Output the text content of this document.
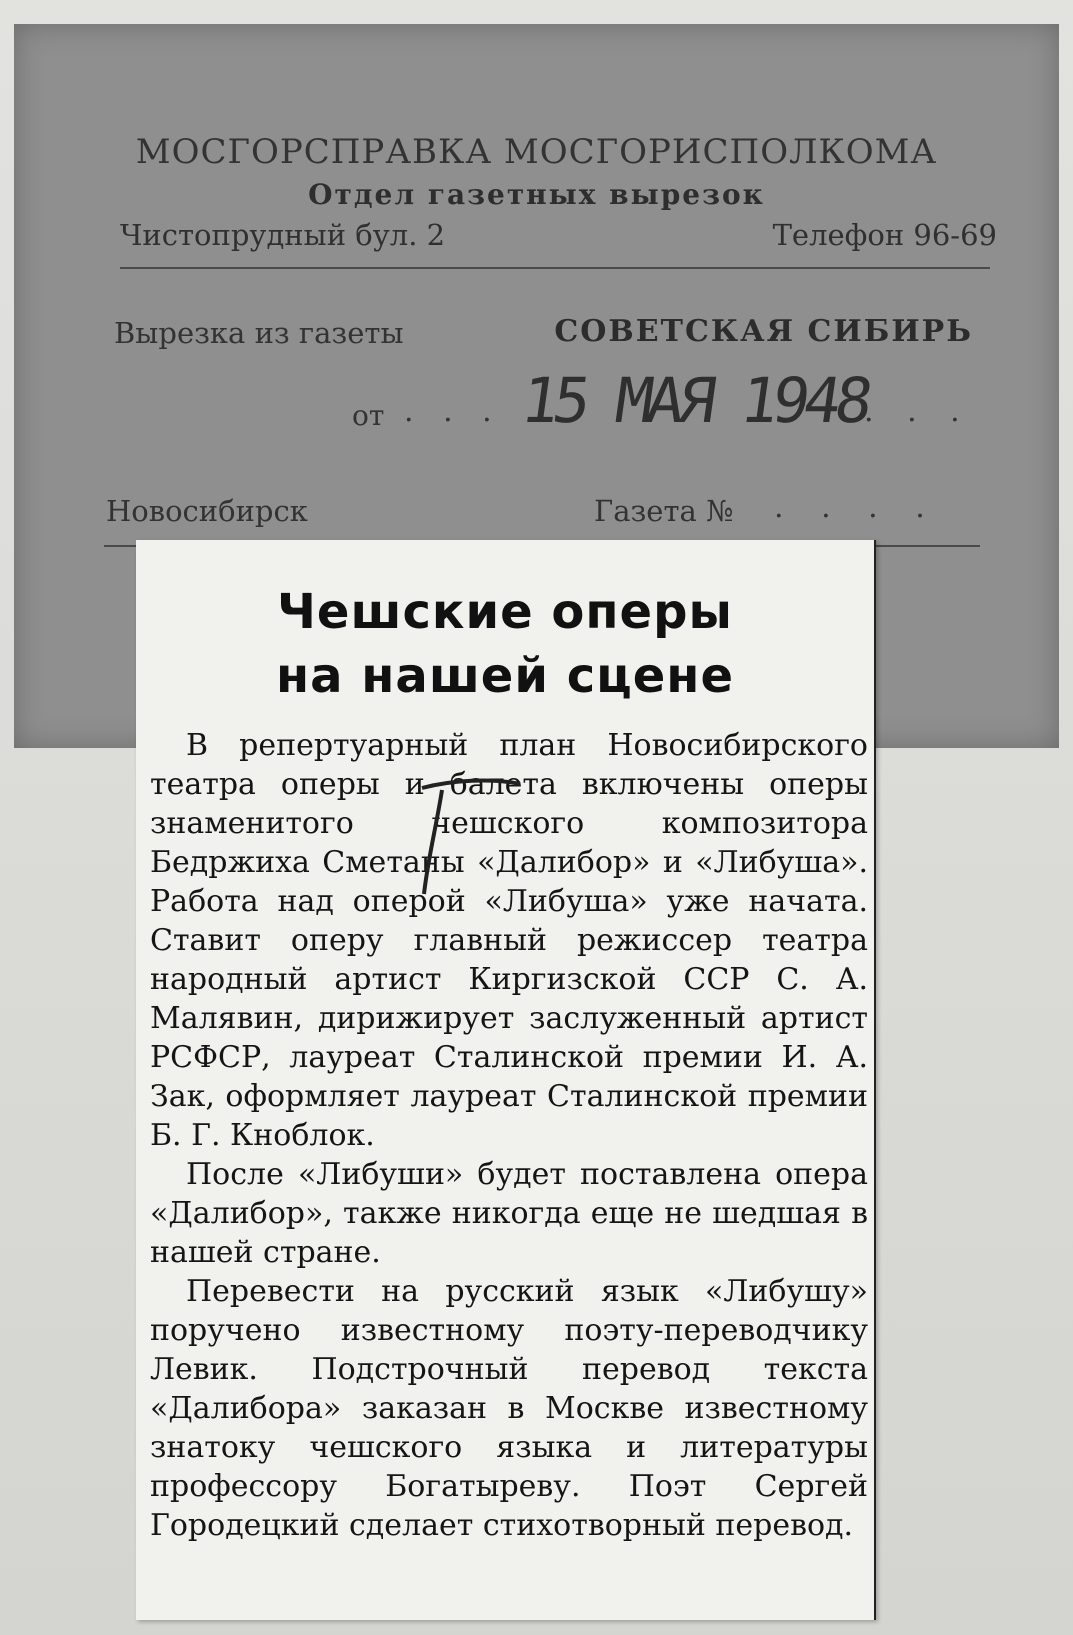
МОСГОРСПРАВКА МОСГОРИСПОЛКОМА
Отдел газетных вырезок
Чистопрудный бул. 2	Телефон 96-69
Вырезка из газеты	СОВЕТСКАЯ СИБИРЬ
от . . . 15 МАЯ 1948
. . .
Новосибирск	Газета № . . . .
Чешские оперы
на нашей сцене

В репертуарный план Новосибирского театра оперы и балета включены оперы знаменитого чешского композитора Бедржиха Сметаны «Далибор» и «Либуша». Работа над оперой «Либуша» уже начата. Ставит оперу главный режиссер театра народный артист Киргизской ССР С. А. Малявин, дирижирует заслуженный артист РСФСР, лауреат Сталинской премии И. А. Зак, оформляет лауреат Сталинской премии Б. Г. Кноблок.

После «Либуши» будет поставлена опера «Далибор», также никогда еще не шедшая в нашей стране.

Перевести на русский язык «Либушу» поручено известному поэту-переводчику Левик. Подстрочный перевод текста «Далибора» заказан в Москве известному знатоку чешского языка и литературы профессору Богатыреву. Поэт Сергей Городецкий сделает стихотворный перевод.
